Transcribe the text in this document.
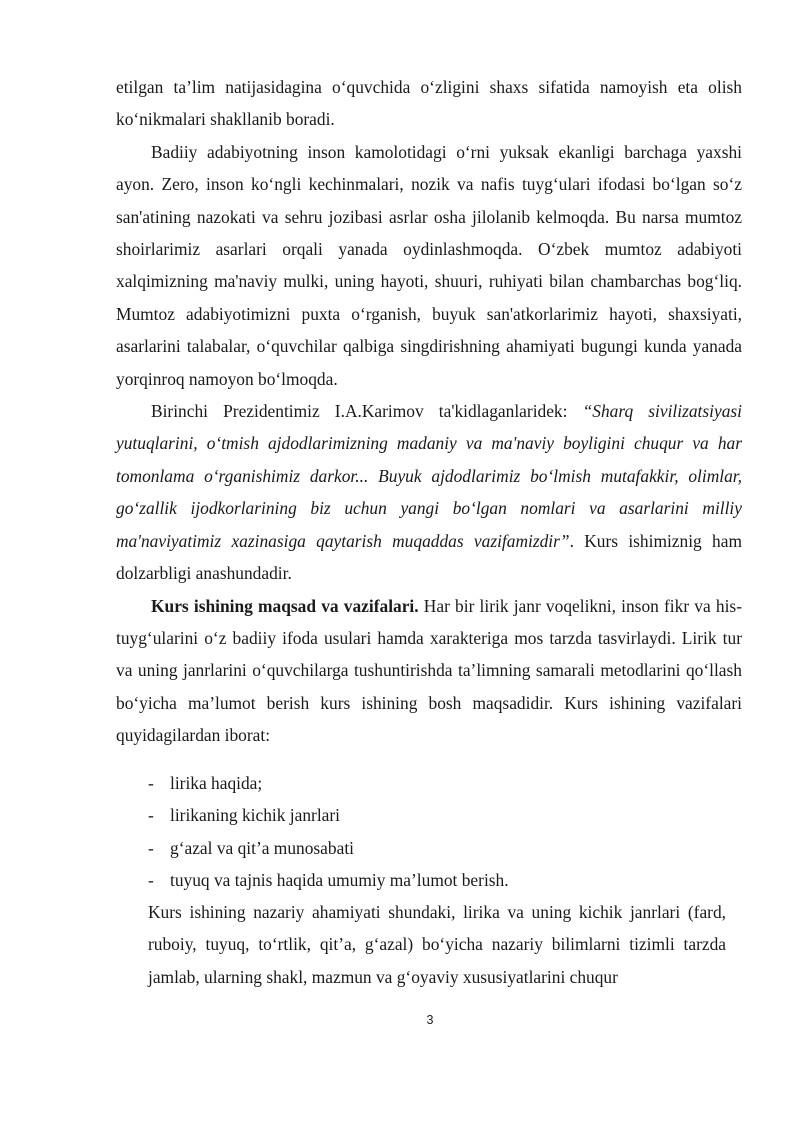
etilgan ta’lim natijasidagina o‘quvchida o‘zligini shaxs sifatida namoyish eta olish ko‘nikmalari shakllanib boradi.

Badiiy adabiyotning inson kamolotidagi o‘rni yuksak ekanligi barchaga yaxshi ayon. Zero, inson ko‘ngli kechinmalari, nozik va nafis tuyg‘ulari ifodasi bo‘lgan so‘z san'atining nazokati va sehru jozibasi asrlar osha jilolanib kelmoqda. Bu narsa mumtoz shoirlarimiz asarlari orqali yanada oydinlashmoqda. O‘zbek mumtoz adabiyoti xalqimizning ma'naviy mulki, uning hayoti, shuuri, ruhiyati bilan chambarchas bog‘liq. Mumtoz adabiyotimizni puxta o‘rganish, buyuk san'atkorlarimiz hayoti, shaxsiyati, asarlarini talabalar, o‘quvchilar qalbiga singdirishning ahamiyati bugungi kunda yanada yorqinroq namoyon bo‘lmoqda.

Birinchi Prezidentimiz I.A.Karimov ta'kidlaganlaridek: “Sharq sivilizatsiyasi yutuqlarini, o‘tmish ajdodlarimizning madaniy va ma'naviy boyligini chuqur va har tomonlama o‘rganishimiz darkor... Buyuk ajdodlarimiz bo‘lmish mutafakkir, olimlar, go‘zallik ijodkorlarining biz uchun yangi bo‘lgan nomlari va asarlarini milliy ma'naviyatimiz xazinasiga qaytarish muqaddas vazifamizdir”. Kurs ishimiznig ham dolzarbligi anashundadir.

Kurs ishining maqsad va vazifalari. Har bir lirik janr voqelikni, inson fikr va his-tuyg‘ularini o‘z badiiy ifoda usulari hamda xarakteriga mos tarzda tasvirlaydi. Lirik tur va uning janrlarini o‘quvchilarga tushuntirishda ta’limning samarali metodlarini qo‘llash bo‘yicha ma’lumot berish kurs ishining bosh maqsadidir. Kurs ishining vazifalari quyidagilardan iborat:

- lirika haqida;
- lirikaning kichik janrlari
- g‘azal va qit’a munosabati
- tuyuq va tajnis haqida umumiy ma’lumot berish.

Kurs ishining nazariy ahamiyati shundaki, lirika va uning kichik janrlari (fard, ruboiy, tuyuq, to‘rtlik, qit’a, g‘azal) bo‘yicha nazariy bilimlarni tizimli tarzda jamlab, ularning shakl, mazmun va g‘oyaviy xususiyatlarini chuqur

3
